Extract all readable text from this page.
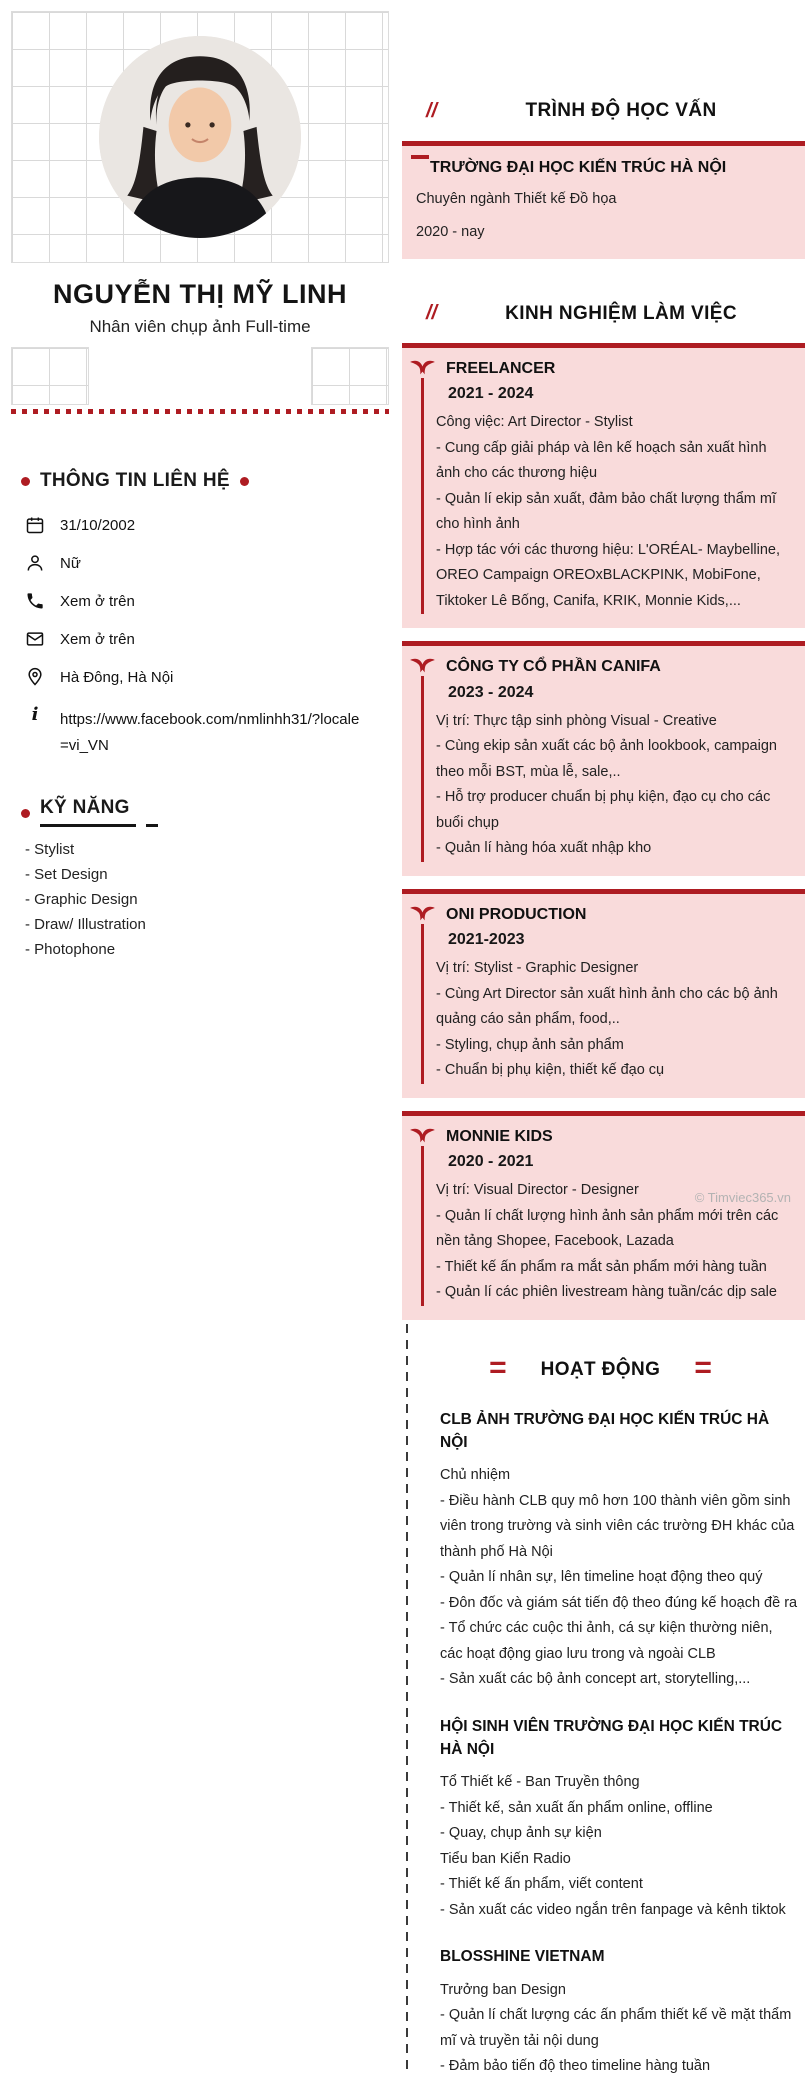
NGUYỄN THỊ MỸ LINH
Nhân viên chụp ảnh Full-time
THÔNG TIN LIÊN HỆ
31/10/2002
Nữ
Xem ở trên
Xem ở trên
Hà Đông, Hà Nội
i	https://www.facebook.com/nmlinhh31/?locale=vi_VN
KỸ NĂNG
- Stylist
- Set Design
- Graphic Design
- Draw/ Illustration
- Photophone
//	TRÌNH ĐỘ HỌC VẤN
TRƯỜNG ĐẠI HỌC KIẾN TRÚC HÀ NỘI
Chuyên ngành Thiết kế Đồ họa
2020 - nay
//	KINH NGHIỆM LÀM VIỆC
FREELANCER
2021 - 2024
Công việc: Art Director - Stylist
- Cung cấp giải pháp và lên kế hoạch sản xuất hình ảnh cho các thương hiệu
- Quản lí ekip sản xuất, đảm bảo chất lượng thẩm mĩ cho hình ảnh
- Hợp tác với các thương hiệu: L'ORÉAL- Maybelline, OREO Campaign OREOxBLACKPINK, MobiFone, Tiktoker Lê Bống, Canifa, KRIK, Monnie Kids,...
CÔNG TY CỔ PHẦN CANIFA
2023 - 2024
Vị trí: Thực tập sinh phòng Visual - Creative
- Cùng ekip sản xuất các bộ ảnh lookbook, campaign theo mỗi BST, mùa lễ, sale,..
- Hỗ trợ producer chuẩn bị phụ kiện, đạo cụ cho các buổi chụp
- Quản lí hàng hóa xuất nhập kho
ONI PRODUCTION
2021-2023
Vị trí: Stylist - Graphic Designer
- Cùng Art Director sản xuất hình ảnh cho các bộ ảnh quảng cáo sản phẩm, food,..
- Styling, chụp ảnh sản phẩm
- Chuẩn bị phụ kiện, thiết kế đạo cụ
MONNIE KIDS
2020 - 2021
Vị trí: Visual Director - Designer
- Quản lí chất lượng hình ảnh sản phẩm mới trên các nền tảng Shopee, Facebook, Lazada
- Thiết kế ấn phẩm ra mắt sản phẩm mới hàng tuần
- Quản lí các phiên livestream hàng tuần/các dịp sale
= HOẠT ĐỘNG =
CLB ẢNH TRƯỜNG ĐẠI HỌC KIẾN TRÚC HÀ NỘI
Chủ nhiệm
- Điều hành CLB quy mô hơn 100 thành viên gồm sinh viên trong trường và sinh viên các trường ĐH khác của thành phố Hà Nội
- Quản lí nhân sự, lên timeline hoạt động theo quý
- Đôn đốc và giám sát tiến độ theo đúng kế hoạch đề ra
- Tổ chức các cuộc thi ảnh, cá sự kiện thường niên, các hoạt động giao lưu trong và ngoài CLB
- Sản xuất các bộ ảnh concept art, storytelling,...
HỘI SINH VIÊN TRƯỜNG ĐẠI HỌC KIẾN TRÚC HÀ NỘI
Tổ Thiết kế - Ban Truyền thông
- Thiết kế, sản xuất ấn phẩm online, offline
- Quay, chụp ảnh sự kiện
Tiểu ban Kiến Radio
- Thiết kế ấn phẩm, viết content
- Sản xuất các video ngắn trên fanpage và kênh tiktok
BLOSSHINE VIETNAM
Trưởng ban Design
- Quản lí chất lượng các ấn phẩm thiết kế về mặt thẩm mĩ và truyền tải nội dung
- Đảm bảo tiến độ theo timeline hàng tuần
© Timviec365.vn
